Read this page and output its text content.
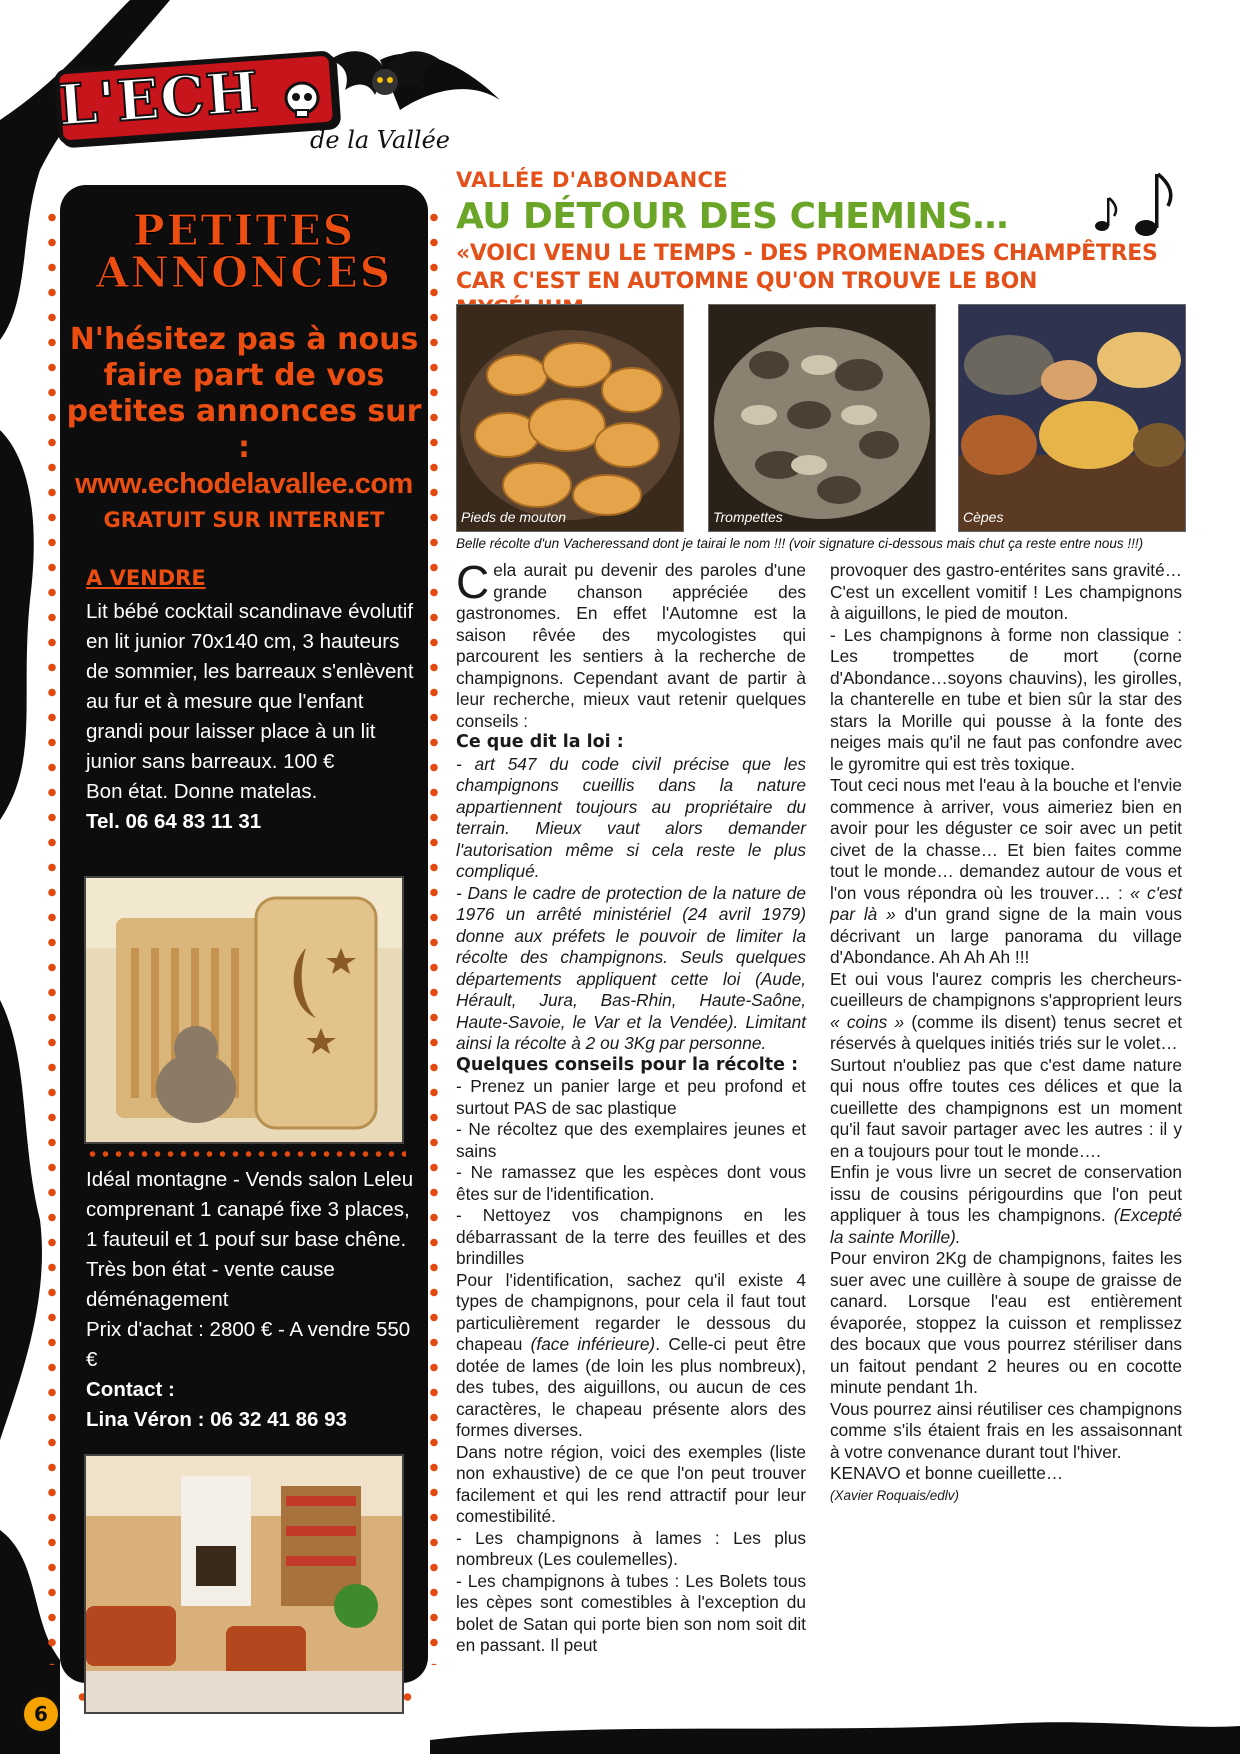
L'ECH
de la Vallée
PETITES
ANNONCES
N'hésitez pas à nous faire part de vos petites annonces sur :
www.echodelavallee.com
GRATUIT SUR INTERNET
A VENDRE
Lit bébé cocktail scandinave évolutif en lit junior 70x140 cm, 3 hauteurs de sommier, les barreaux s'enlèvent au fur et à mesure que l'enfant grandi pour laisser place à un lit junior sans barreaux. 100 €
Bon état. Donne matelas.
Tel. 06 64 83 11 31
Idéal montagne - Vends salon Leleu comprenant 1 canapé fixe 3 places, 1 fauteuil et 1 pouf sur base chêne. Très bon état - vente cause déménagement
Prix d'achat : 2800 € - A vendre 550 €
Contact :
Lina Véron : 06 32 41 86 93
6
VALLÉE D'ABONDANCE
AU DÉTOUR DES CHEMINS…
«VOICI VENU LE TEMPS - DES PROMENADES CHAMPÊTRES CAR C'EST EN AUTOMNE QU'ON TROUVE LE BON
Pieds de mouton	Trompettes	Cèpes
Belle récolte d'un Vacheressand dont je tairai le nom !!! (voir signature ci-dessous mais chut ça reste entre nous !!!)

Cela aurait pu devenir des paroles d'une grande chanson appréciée des gastronomes. En effet l'Automne est la saison rêvée des mycologistes qui parcourent les sentiers à la recherche de champignons. Cependant avant de partir à leur recherche, mieux vaut retenir quelques conseils :

Ce que dit la loi :

- art 547 du code civil précise que les champignons cueillis dans la nature appartiennent toujours au propriétaire du terrain. Mieux vaut alors demander l'autorisation même si cela reste le plus compliqué.

- Dans le cadre de protection de la nature de 1976 un arrêté ministériel (24 avril 1979) donne aux préfets le pouvoir de limiter la récolte des champignons. Seuls quelques départements appliquent cette loi (Aude, Hérault, Jura, Bas-Rhin, Haute-Saône, Haute-Savoie, le Var et la Vendée). Limitant ainsi la récolte à 2 ou 3Kg par personne.

Quelques conseils pour la récolte :

- Prenez un panier large et peu profond et surtout PAS de sac plastique

- Ne récoltez que des exemplaires jeunes et sains

- Ne ramassez que les espèces dont vous êtes sur de l'identification.

- Nettoyez vos champignons en les débarrassant de la terre des feuilles et des brindilles

Pour l'identification, sachez qu'il existe 4 types de champignons, pour cela il faut tout particulièrement regarder le dessous du chapeau (face inférieure). Celle-ci peut être dotée de lames (de loin les plus nombreux), des tubes, des aiguillons, ou aucun de ces caractères, le chapeau présente alors des formes diverses.

Dans notre région, voici des exemples (liste non exhaustive) de ce que l'on peut trouver facilement et qui les rend attractif pour leur comestibilité.

- Les champignons à lames : Les plus nombreux (Les coulemelles).

- Les champignons à tubes : Les Bolets tous les cèpes sont comestibles à l'exception du bolet de Satan qui porte bien son nom soit dit en passant. Il peut

provoquer des gastro-entérites sans gravité… C'est un excellent vomitif ! Les champignons à aiguillons, le pied de mouton.

- Les champignons à forme non classique : Les trompettes de mort (corne d'Abondance…soyons chauvins), les girolles, la chanterelle en tube et bien sûr la star des stars la Morille qui pousse à la fonte des neiges mais qu'il ne faut pas confondre avec le gyromitre qui est très toxique.

Tout ceci nous met l'eau à la bouche et l'envie commence à arriver, vous aimeriez bien en avoir pour les déguster ce soir avec un petit civet de la chasse… Et bien faites comme tout le monde… demandez autour de vous et l'on vous répondra où les trouver… : « c'est par là » d'un grand signe de la main vous décrivant un large panorama du village d'Abondance. Ah Ah Ah !!!

Et oui vous l'aurez compris les chercheurs-cueilleurs de champignons s'approprient leurs « coins » (comme ils disent) tenus secret et réservés à quelques initiés triés sur le volet…

Surtout n'oubliez pas que c'est dame nature qui nous offre toutes ces délices et que la cueillette des champignons est un moment qu'il faut savoir partager avec les autres : il y en a toujours pour tout le monde….

Enfin je vous livre un secret de conservation issu de cousins périgourdins que l'on peut appliquer à tous les champignons. (Excepté la sainte Morille).

Pour environ 2Kg de champignons, faites les suer avec une cuillère à soupe de graisse de canard. Lorsque l'eau est entièrement évaporée, stoppez la cuisson et remplissez des bocaux que vous pourrez stériliser dans un faitout pendant 2 heures ou en cocotte minute pendant 1h.

Vous pourrez ainsi réutiliser ces champignons comme s'ils étaient frais en les assaisonnant à votre convenance durant tout l'hiver.

KENAVO et bonne cueillette…

(Xavier Roquais/edlv)
